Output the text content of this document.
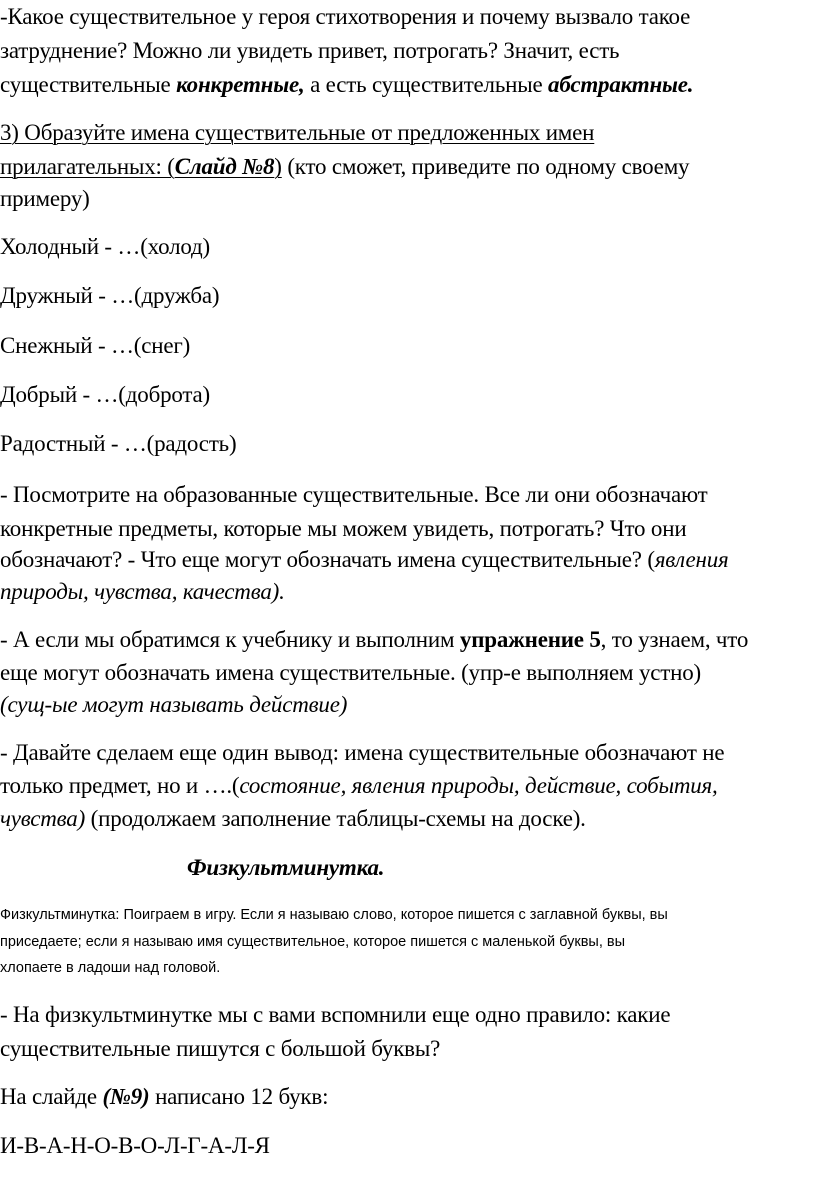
-Какое существительное у героя стихотворения и почему вызвало такое
затруднение? Можно ли увидеть привет, потрогать? Значит, есть
существительные конкретные, а есть существительные абстрактные.
3) Образуйте имена существительные от предложенных имен
прилагательных: (Слайд №8) (кто сможет, приведите по одному своему
примеру)
Холодный - …(холод)
Дружный - …(дружба)
Снежный - …(снег)
Добрый - …(доброта)
Радостный - …(радость)
- Посмотрите на образованные существительные. Все ли они обозначают
конкретные предметы, которые мы можем увидеть, потрогать? Что они
обозначают? - Что еще могут обозначать имена существительные? (явления
природы, чувства, качества).
- А если мы обратимся к учебнику и выполним упражнение 5, то узнаем, что
еще могут обозначать имена существительные. (упр-е выполняем устно)
(сущ-ые могут называть действие)
- Давайте сделаем еще один вывод: имена существительные обозначают не
только предмет, но и ….(состояние, явления природы, действие, события,
чувства) (продолжаем заполнение таблицы-схемы на доске).
Физкультминутка.
Физкультминутка: Поиграем в игру. Если я называю слово, которое пишется с заглавной буквы, вы
приседаете; если я называю имя существительное, которое пишется с маленькой буквы, вы
хлопаете в ладоши над головой.
- На физкультминутке мы с вами вспомнили еще одно правило: какие
существительные пишутся с большой буквы?
На слайде (№9) написано 12 букв:
И-В-А-Н-О-В-О-Л-Г-А-Л-Я
